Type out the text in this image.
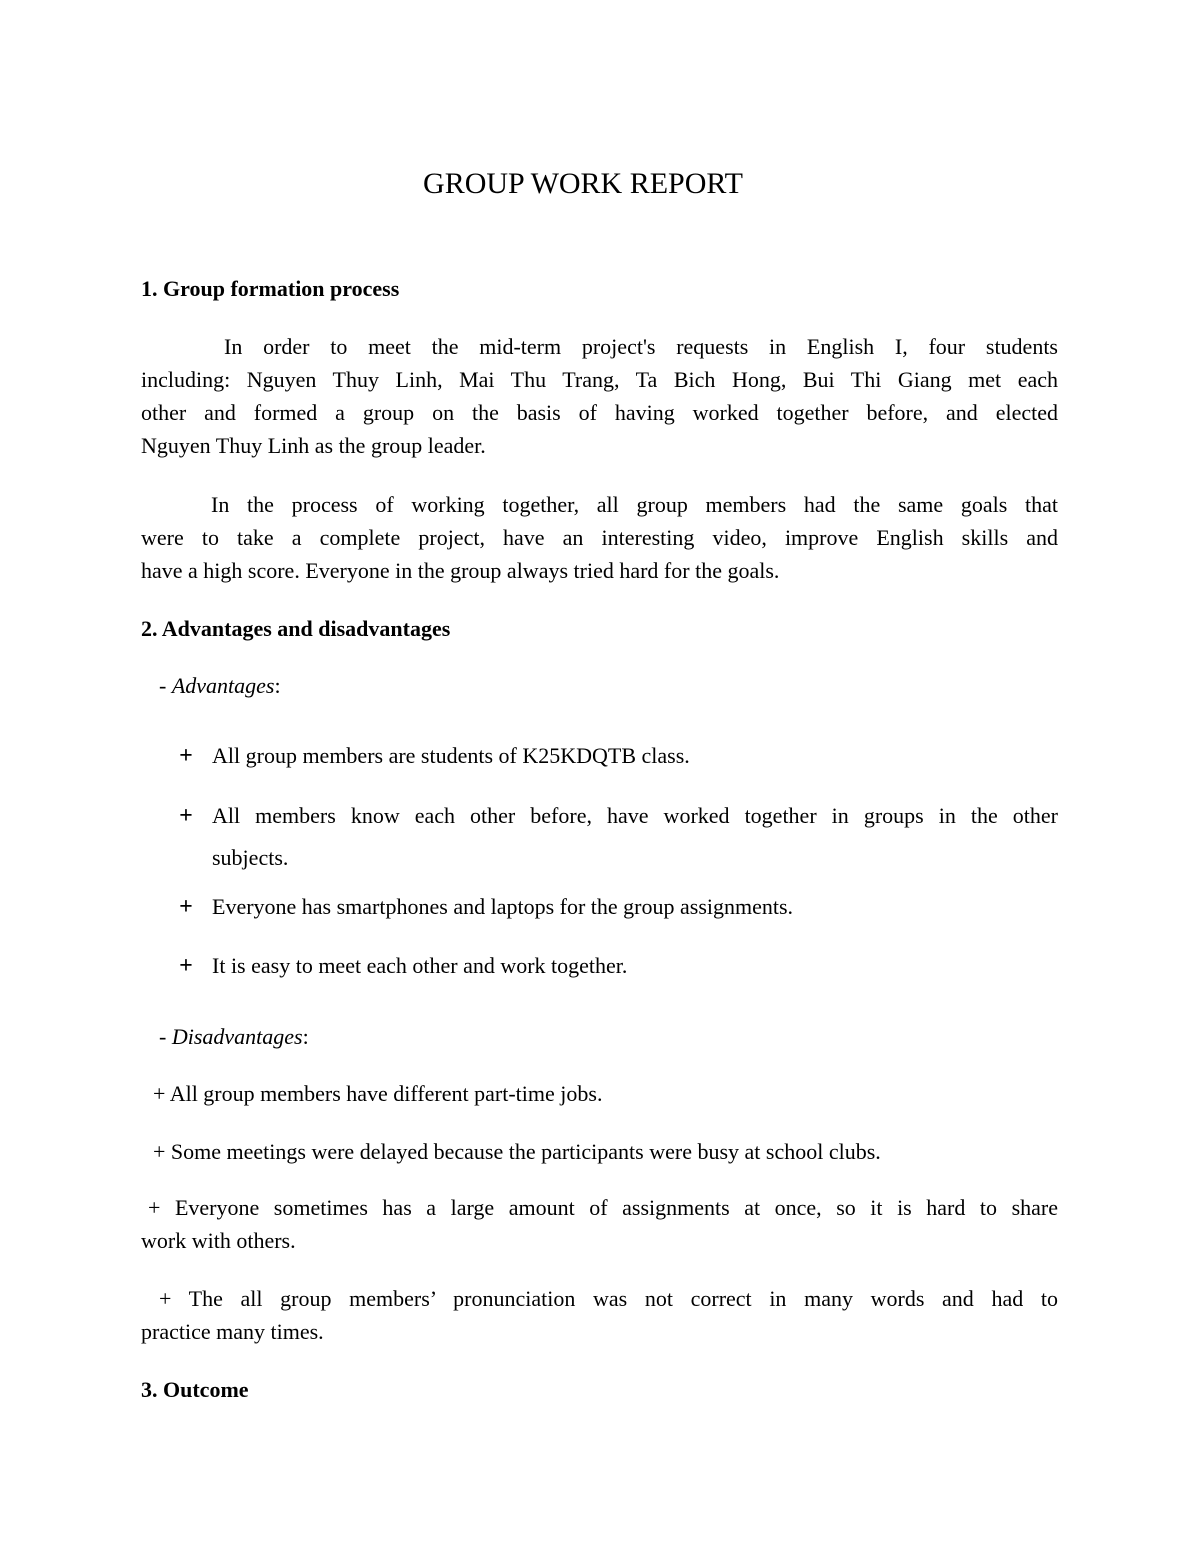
GROUP WORK REPORT
1. Group formation process
In order to meet the mid-term project's requests in English I, four students
including: Nguyen Thuy Linh, Mai Thu Trang, Ta Bich Hong, Bui Thi Giang met each
other and formed a group on the basis of having worked together before, and elected
Nguyen Thuy Linh as the group leader.
In the process of working together, all group members had the same goals that
were to take a complete project, have an interesting video, improve English skills and
have a high score. Everyone in the group always tried hard for the goals.
2. Advantages and disadvantages
- Advantages:
+ All group members are students of K25KDQTB class.
+ All members know each other before, have worked together in groups in the other
subjects.
+ Everyone has smartphones and laptops for the group assignments.
+ It is easy to meet each other and work together.
- Disadvantages:
+ All group members have different part-time jobs.
+ Some meetings were delayed because the participants were busy at school clubs.
+ Everyone sometimes has a large amount of assignments at once, so it is hard to share
work with others.
+ The all group members’ pronunciation was not correct in many words and had to
practice many times.
3. Outcome
